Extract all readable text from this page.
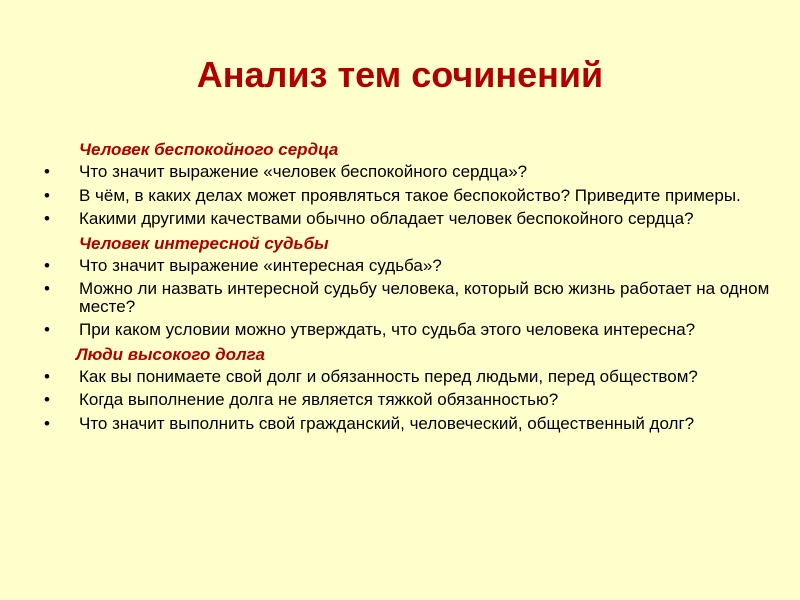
Анализ тем сочинений
Человек беспокойного сердца
• Что значит выражение «человек беспокойного сердца»?
• В чём, в каких делах может проявляться такое беспокойство? Приведите примеры.
• Какими другими качествами обычно обладает человек беспокойного сердца?
Человек интересной судьбы
• Что значит выражение «интересная судьба»?
• Можно ли назвать интересной судьбу человека, который всю жизнь работает на одном месте?
• При каком условии можно утверждать, что судьба этого человека интересна?
Люди высокого долга
• Как вы понимаете свой долг и обязанность перед людьми, перед обществом?
• Когда выполнение долга не является тяжкой обязанностью?
• Что значит выполнить свой гражданский, человеческий, общественный долг?
